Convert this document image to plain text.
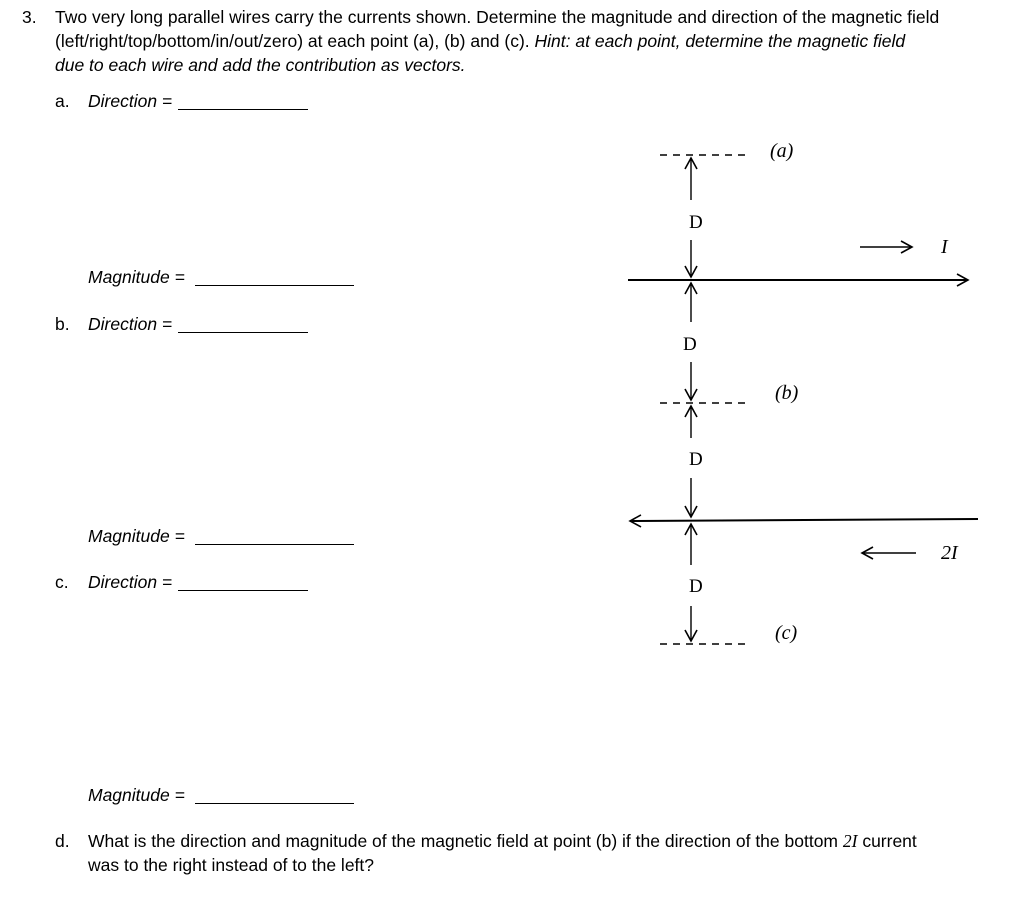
3. Two very long parallel wires carry the currents shown. Determine the magnitude and direction of the magnetic field
(left/right/top/bottom/in/out/zero) at each point (a), (b) and (c). Hint: at each point, determine the magnetic field
due to each wire and add the contribution as vectors.
a. Direction =
Magnitude =
b. Direction =
Magnitude =
c. Direction =
Magnitude =
d. What is the direction and magnitude of the magnetic field at point (b) if the direction of the bottom 2I current
was to the right instead of to the left?
(a)
(b)
(c)
D
D
D
D
I
2I
